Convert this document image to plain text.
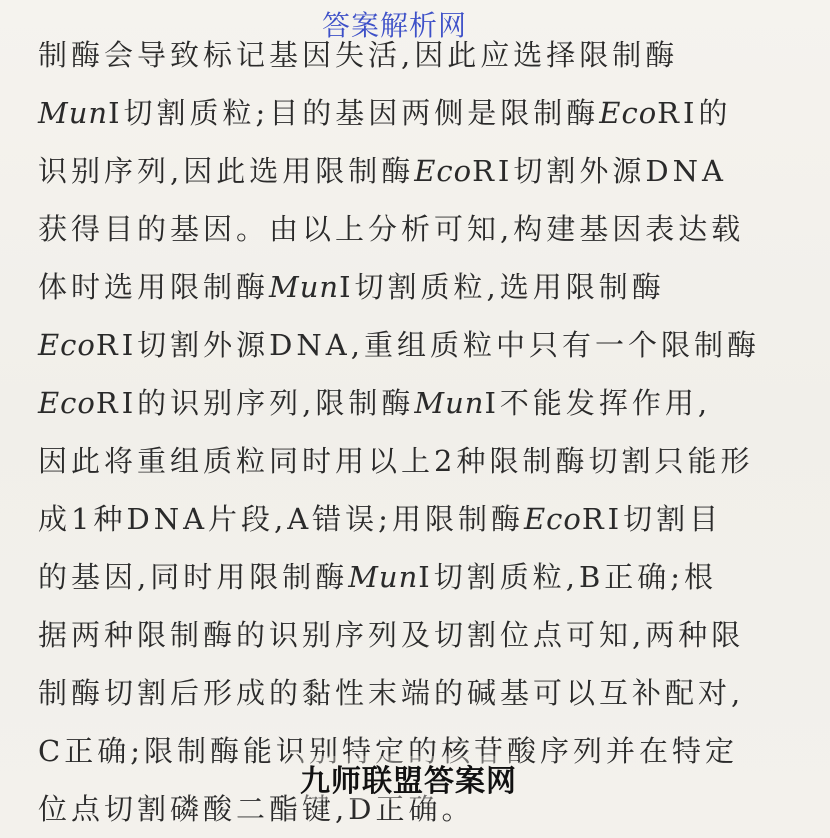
答案解析网
制酶会导致标记基因失活,因此应选择限制酶
MunⅠ切割质粒;目的基因两侧是限制酶EcoRⅠ的
识别序列,因此选用限制酶EcoRⅠ切割外源DNA
获得目的基因。由以上分析可知,构建基因表达载
体时选用限制酶MunⅠ切割质粒,选用限制酶
EcoRⅠ切割外源DNA,重组质粒中只有一个限制酶
EcoRⅠ的识别序列,限制酶MunⅠ不能发挥作用,
因此将重组质粒同时用以上2种限制酶切割只能形
成1种DNA片段,A错误;用限制酶EcoRⅠ切割目
的基因,同时用限制酶MunⅠ切割质粒,B正确;根
据两种限制酶的识别序列及切割位点可知,两种限
制酶切割后形成的黏性末端的碱基可以互补配对,
C正确;限制酶能识别特定的核苷酸序列并在特定
位点切割磷酸二酯键,D正确。
九师联盟答案网
